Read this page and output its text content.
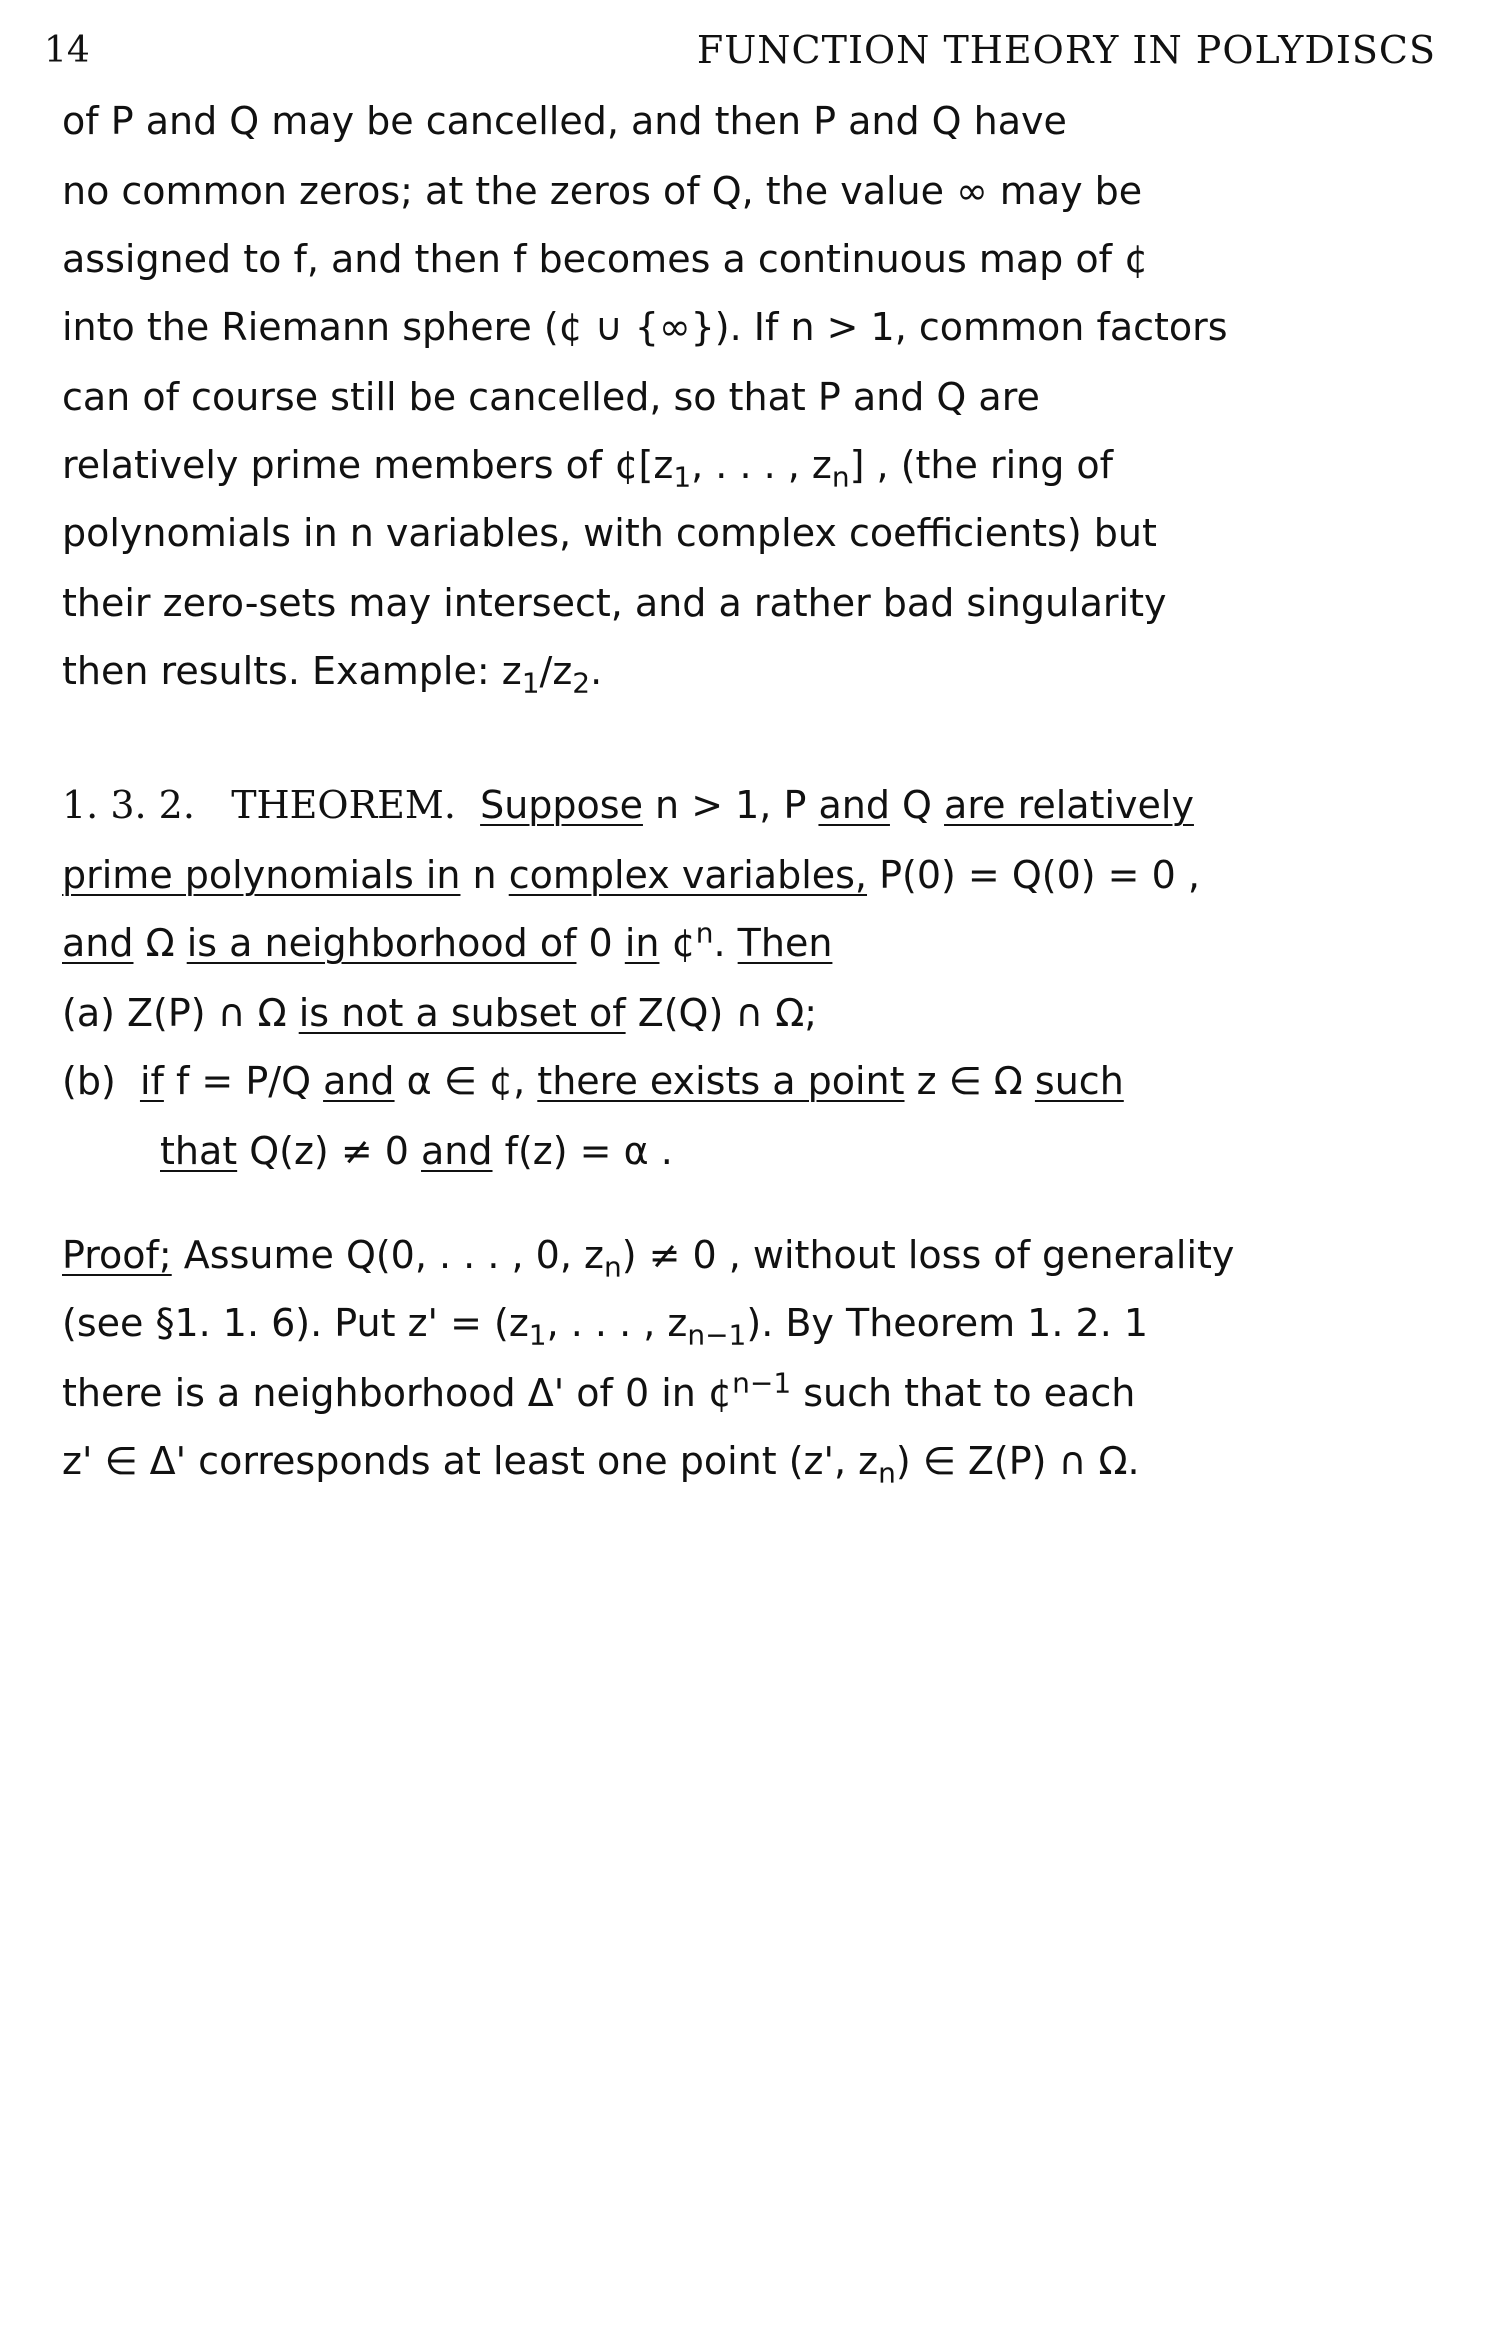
14	FUNCTION THEORY IN POLYDISCS
of P and Q may be cancelled, and then P and Q have
no common zeros; at the zeros of Q, the value ∞ may be
assigned to f, and then f becomes a continuous map of ¢
into the Riemann sphere (¢ ∪ {∞}). If n > 1, common factors
can of course still be cancelled, so that P and Q are
relatively prime members of $¢[z_1$, . . . , $z_n$] , (the ring of
polynomials in n variables, with complex coefficients) but
their zero-sets may intersect, and a rather bad singularity
then results. Example: $z_1/z_2$.
1. 3. 2. THEOREM. Suppose n > 1, P and Q are relatively
prime polynomials in n complex variables, P(0) = Q(0) = 0 ,
and Ω is a neighborhood of 0 in ¢$^n$. Then
(a) Z(P) ∩ Ω is not a subset of Z(Q) ∩ Ω;
(b) if f = P/Q and α ∈ ¢, there exists a point z ∈ Ω such
that Q(z) ≠ 0 and f(z) = α .
Proof; Assume Q(0, . . . , 0, $z_n) \ne 0$ , without loss of generality
(see §1. 1. 6). Put $z' = (z_1$, . . . , $z_{n-1}$). By Theorem 1. 2. 1
there is a neighborhood Δ' of 0 in ¢$^{n-1}$ such that to each
z' ∈ Δ' corresponds at least one point (z', $z_n$) ∈ Z(P) ∩ Ω.
